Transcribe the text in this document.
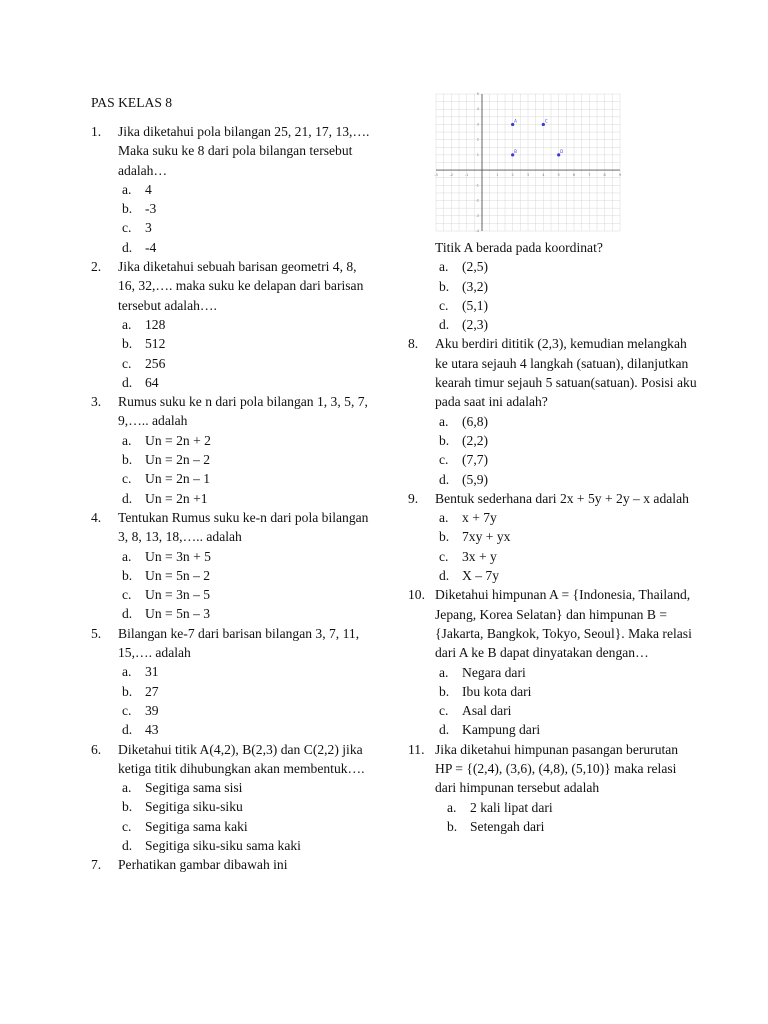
PAS KELAS 8
1. Jika diketahui pola bilangan 25, 21, 17, 13,…. Maka suku ke 8 dari pola bilangan tersebut adalah…
a. 4
b. -3
c. 3
d. -4
2. Jika diketahui sebuah barisan geometri 4, 8, 16, 32,…. maka suku ke delapan dari barisan tersebut adalah….
a. 128
b. 512
c. 256
d. 64
3. Rumus suku ke n dari pola bilangan 1, 3, 5, 7, 9,….. adalah
a. Un = 2n + 2
b. Un = 2n – 2
c. Un = 2n – 1
d. Un = 2n +1
4. Tentukan Rumus suku ke-n dari pola bilangan 3, 8, 13, 18,….. adalah
a. Un = 3n + 5
b. Un = 5n – 2
c. Un = 3n – 5
d. Un = 5n – 3
5. Bilangan ke-7 dari barisan bilangan 3, 7, 11, 15,…. adalah
a. 31
b. 27
c. 39
d. 43
6. Diketahui titik A(4,2), B(2,3) dan C(2,2) jika ketiga titik dihubungkan akan membentuk….
a. Segitiga sama sisi
b. Segitiga siku-siku
c. Segitiga sama kaki
d. Segitiga siku-siku sama kaki
7. Perhatikan gambar dibawah ini
-3	-2	-1	1	2	3	4	5	6	7	8	9
-4
-3
-2
-1
1
2
3
4
5
A	C
B	D
Titik A berada pada koordinat?
a. (2,5)
b. (3,2)
c. (5,1)
d. (2,3)
8. Aku berdiri dititik (2,3), kemudian melangkah ke utara sejauh 4 langkah (satuan), dilanjutkan kearah timur sejauh 5 satuan(satuan). Posisi aku pada saat ini adalah?
a. (6,8)
b. (2,2)
c. (7,7)
d. (5,9)
9. Bentuk sederhana dari 2x + 5y + 2y – x adalah
a. x + 7y
b. 7xy + yx
c. 3x + y
d. X – 7y
10. Diketahui himpunan A = {Indonesia, Thailand, Jepang, Korea Selatan} dan himpunan B = {Jakarta, Bangkok, Tokyo, Seoul}. Maka relasi dari A ke B dapat dinyatakan dengan…
a. Negara dari
b. Ibu kota dari
c. Asal dari
d. Kampung dari
11. Jika diketahui himpunan pasangan berurutan HP = {(2,4), (3,6), (4,8), (5,10)} maka relasi dari himpunan tersebut adalah
a. 2 kali lipat dari
b. Setengah dari
